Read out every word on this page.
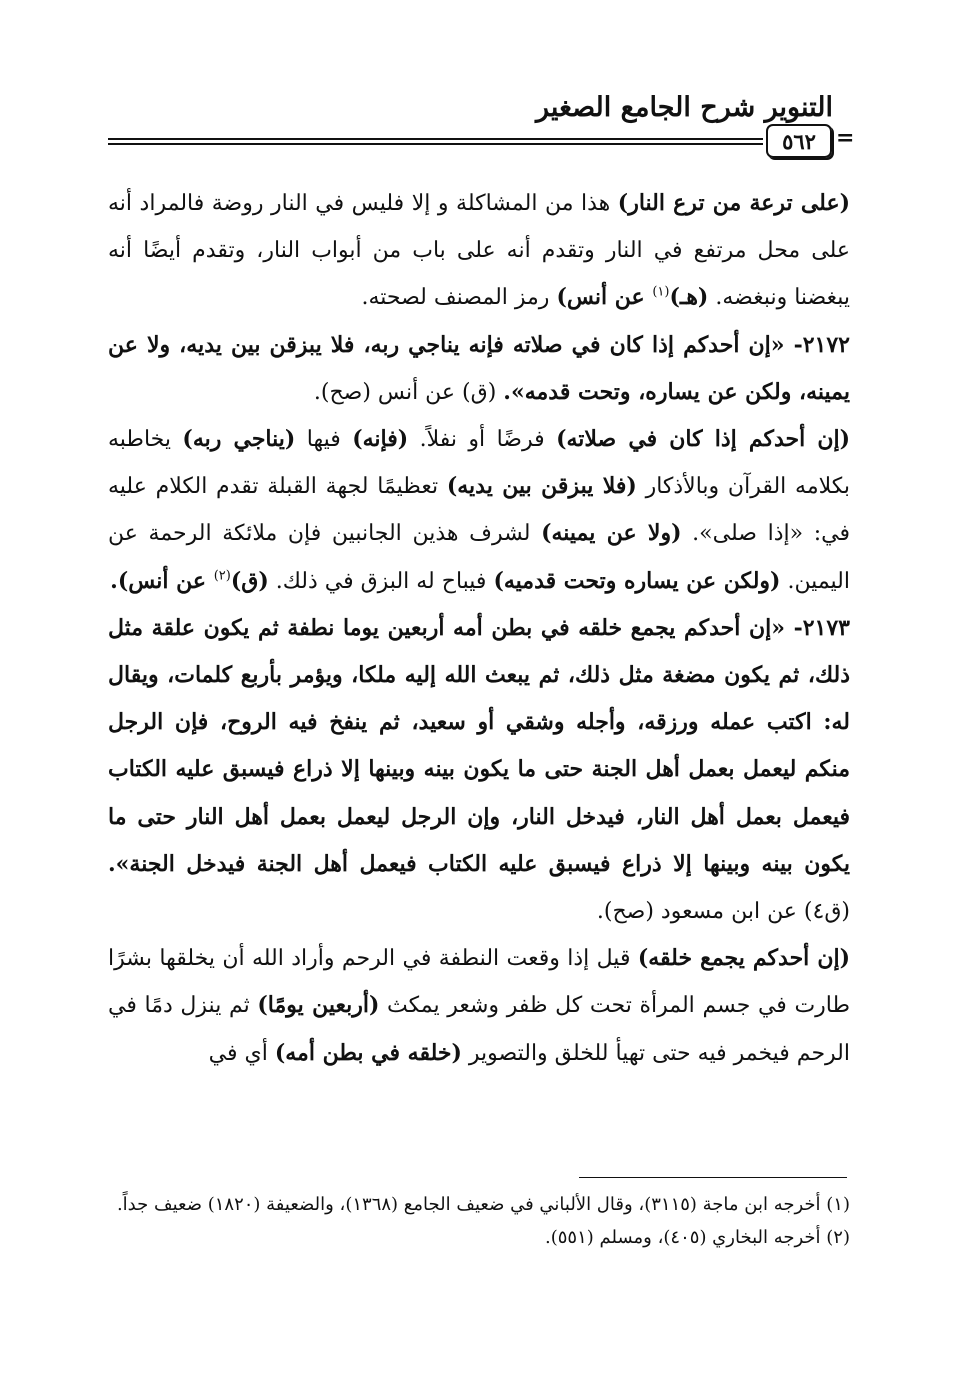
التنوير شرح الجامع الصغير
=
٥٦٢

(على ترعة من ترع النار) هذا من المشاكلة و إلا فليس في النار روضة فالمراد أنه على محل مرتفع في النار وتقدم أنه على باب من أبواب النار، وتقدم أيضًا أنه يبغضنا ونبغضه. (هـ)$^{(١)}$ عن أنس) رمز المصنف لصحته.

٢١٧٢- «إن أحدكم إذا كان في صلاته فإنه يناجي ربه، فلا يبزقن بين يديه، ولا عن يمينه، ولكن عن يساره، وتحت قدمه». (ق) عن أنس (صح).

(إن أحدكم إذا كان في صلاته) فرضًا أو نفلاً. (فإنه) فيها (يناجي ربه) يخاطبه بكلامه القرآن وبالأذكار (فلا يبزقن بين يديه) تعظيمًا لجهة القبلة تقدم الكلام عليه في: «إذا صلى». (ولا عن يمينه) لشرف هذين الجانبين فإن ملائكة الرحمة عن اليمين. (ولكن عن يساره وتحت قدميه) فيباح له البزق في ذلك. (ق)$^{(٢)}$ عن أنس).

٢١٧٣- «إن أحدكم يجمع خلقه في بطن أمه أربعين يوما نطفة ثم يكون علقة مثل ذلك، ثم يكون مضغة مثل ذلك، ثم يبعث الله إليه ملكا، ويؤمر بأربع كلمات، ويقال له: اكتب عمله ورزقه، وأجله وشقي أو سعيد، ثم ينفخ فيه الروح، فإن الرجل منكم ليعمل بعمل أهل الجنة حتى ما يكون بينه وبينها إلا ذراع فيسبق عليه الكتاب فيعمل بعمل أهل النار، فيدخل النار، وإن الرجل ليعمل بعمل أهل النار حتى ما يكون بينه وبينها إلا ذراع فيسبق عليه الكتاب فيعمل أهل الجنة فيدخل الجنة». (ق٤) عن ابن مسعود (صح).

(إن أحدكم يجمع خلقه) قيل إذا وقعت النطفة في الرحم وأراد الله أن يخلقها بشرًا طارت في جسم المرأة تحت كل ظفر وشعر يمكث (أربعين يومًا) ثم ينزل دمًا في الرحم فيخمر فيه حتى تهيأ للخلق والتصوير (خلقه في بطن أمه) أي في

(١) أخرجه ابن ماجة (٣١١٥)، وقال الألباني في ضعيف الجامع (١٣٦٨)، والضعيفة (١٨٢٠) ضعيف جداً.

(٢) أخرجه البخاري (٤٠٥)، ومسلم (٥٥١).
